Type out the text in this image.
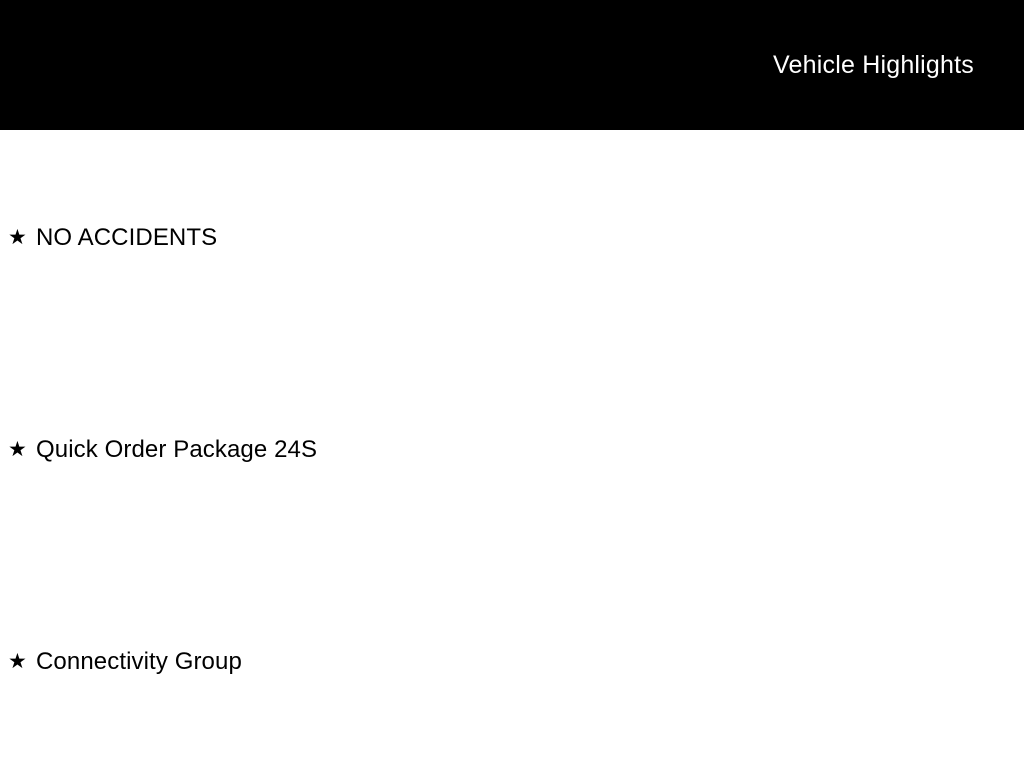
Vehicle Highlights
★ NO ACCIDENTS
★ Quick Order Package 24S
★ Connectivity Group
